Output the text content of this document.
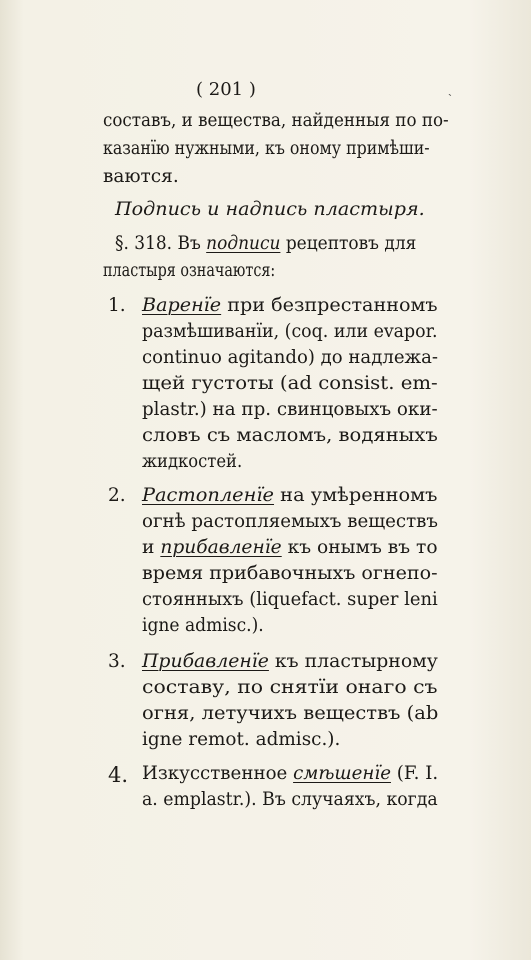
( 201 )	˴
составъ, и вещества, найденныя по по-
казанїю нужными, къ оному примѣши-
ваются.
Подпись и надпись пластыря.
§. 318. Въ подписи рецептовъ для
пластыря означаются:
1.
2.
3.
4.
Варенїе при безпрестанномъ
размѣшиванїи, (coq. или evapor.
continuo agitando) до надлежа-
щей густоты (ad consist. em-
plastr.) на пр. свинцовыхъ оки-
словъ съ масломъ, водяныхъ
жидкостей.
Растопленїе на умѣренномъ
огнѣ растопляемыхъ веществъ
и прибавленїе къ онымъ въ то
время прибавочныхъ огнепо-
стоянныхъ (liquefact. super leni
igne admisc.).
Прибавленїе къ пластырному
составу, по снятїи онаго съ
огня, летучихъ веществъ (ab
igne remot. admisc.).
Изкусственное смѣшенїе (F. I.
a. emplastr.). Въ случаяхъ, когда
